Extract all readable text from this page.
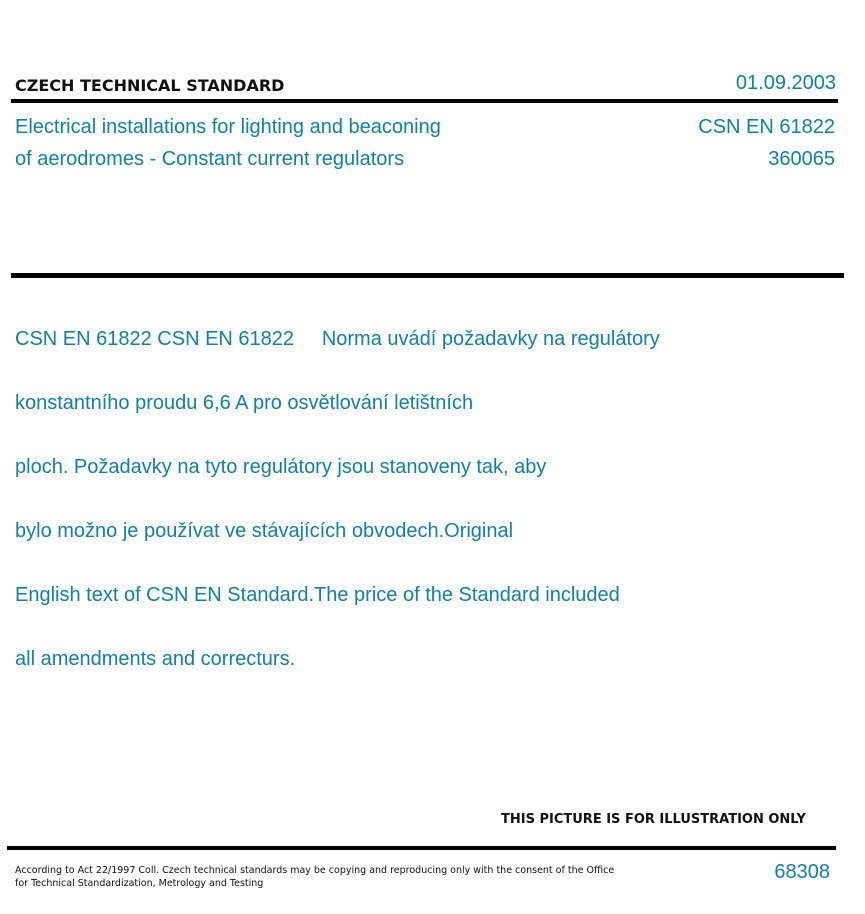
CZECH TECHNICAL STANDARD	01.09.2003
Electrical installations for lighting and beaconing
of aerodromes - Constant current regulators
CSN EN 61822
360065

CSN EN 61822 CSN EN 61822     Norma uvádí požadavky na regulátory

konstantního proudu 6,6 A pro osvětlování letištních

ploch. Požadavky na tyto regulátory jsou stanoveny tak, aby

bylo možno je používat ve stávajících obvodech.Original

English text of CSN EN Standard.The price of the Standard included

all amendments and correcturs.

THIS PICTURE IS FOR ILLUSTRATION ONLY
According to Act 22/1997 Coll. Czech technical standards may be copying and reproducing only with the consent of the Office
for Technical Standardization, Metrology and Testing
68308
